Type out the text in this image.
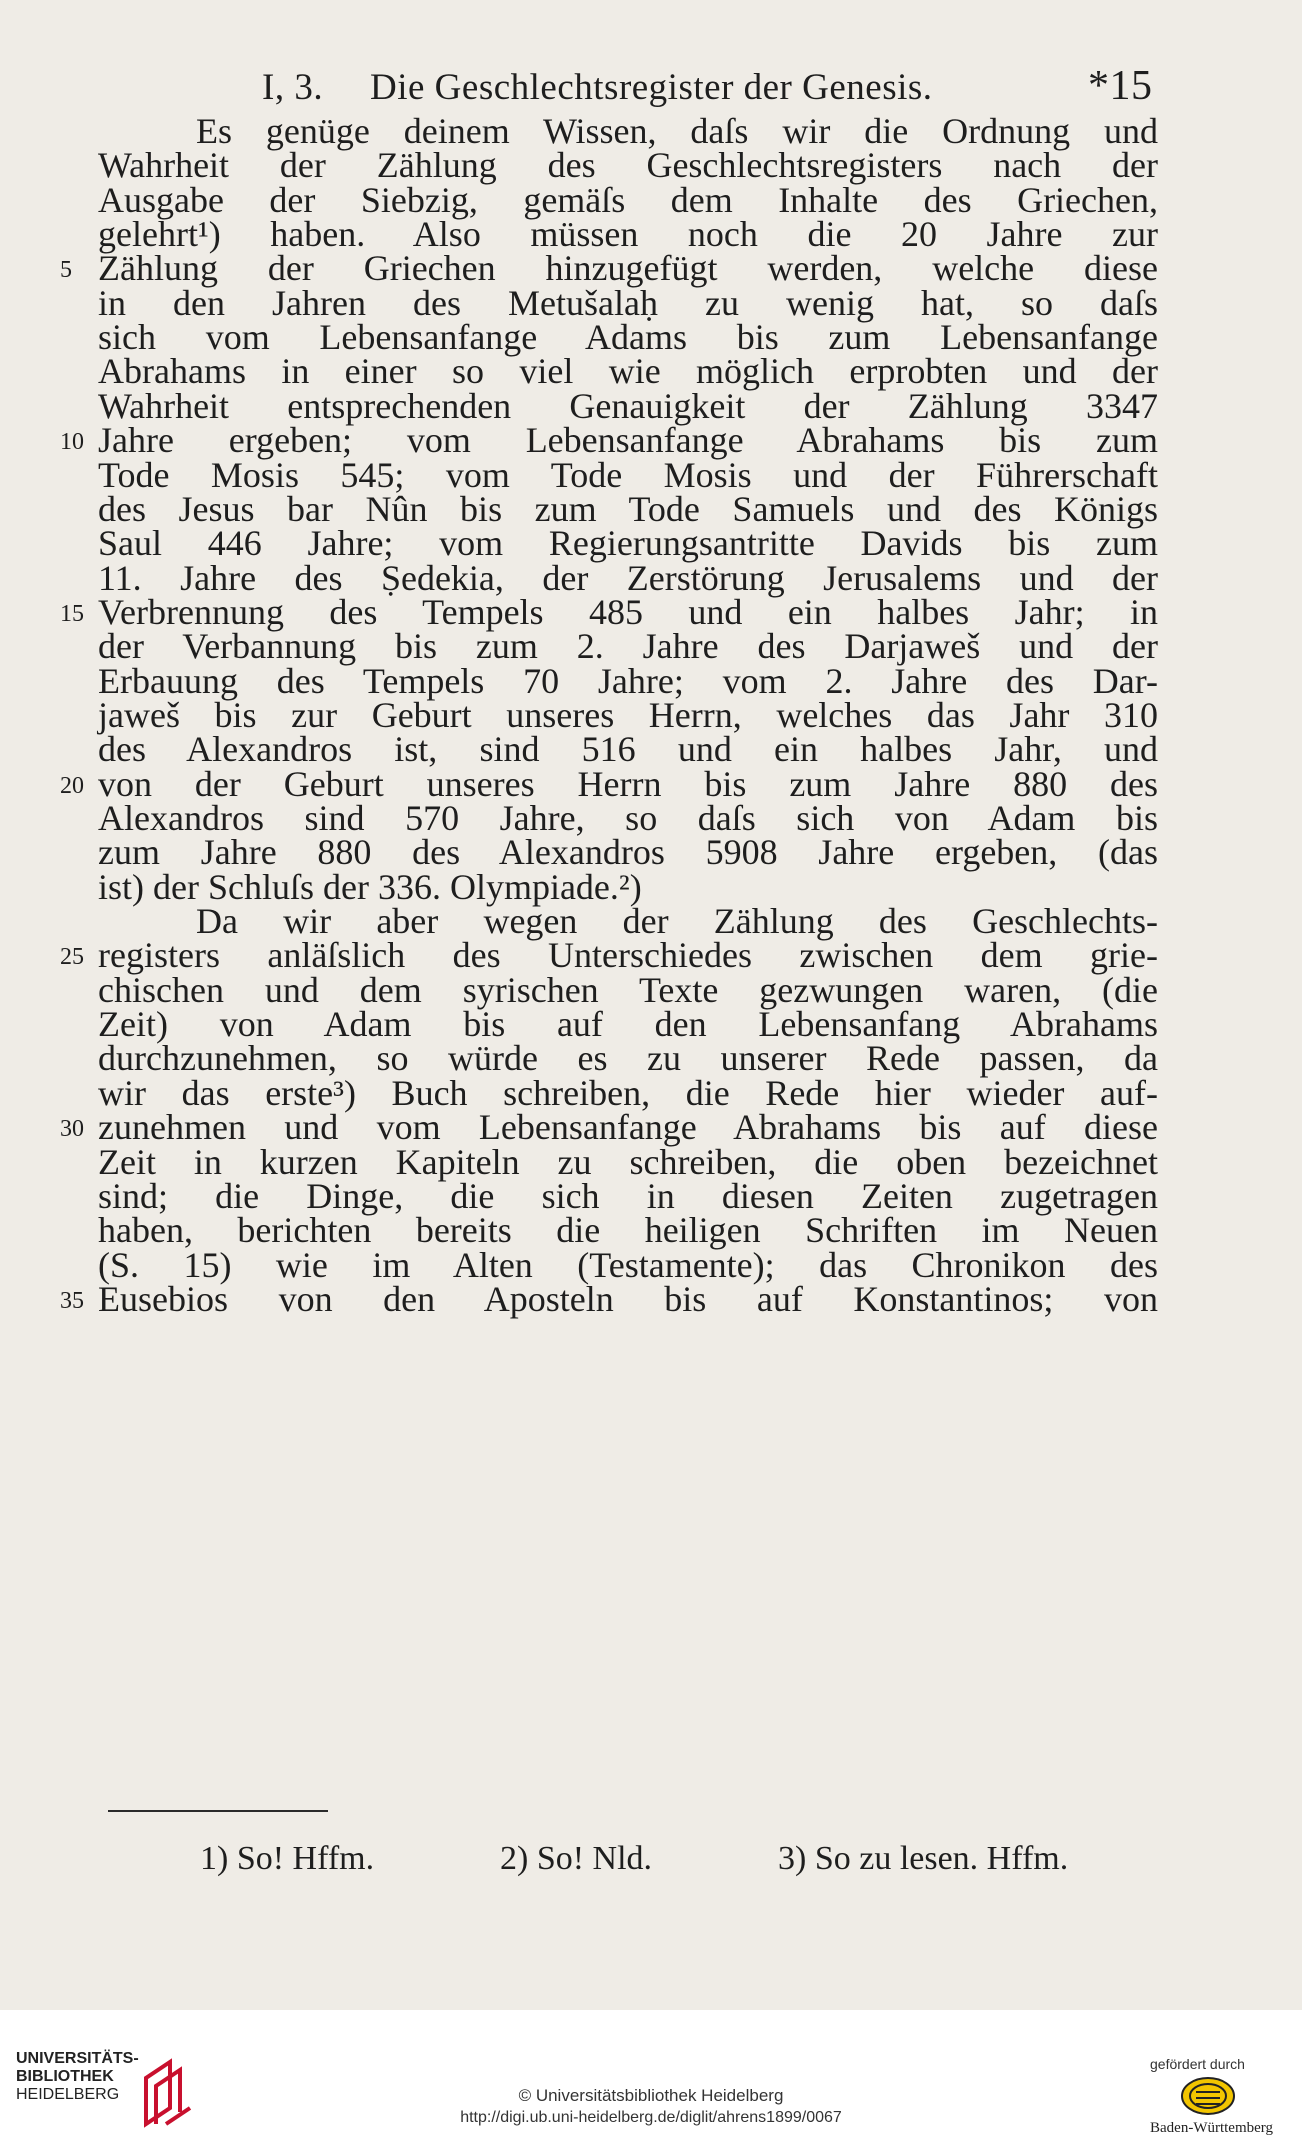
I, 3. Die Geschlechtsregister der Genesis.	*15
Es genüge deinem Wissen, daſs wir die Ordnung und
Wahrheit der Zählung des Geschlechtsregisters nach der
Ausgabe der Siebzig, gemäſs dem Inhalte des Griechen,
gelehrt¹) haben. Also müssen noch die 20 Jahre zur
Zählung der Griechen hinzugefügt werden, welche diese
5
in den Jahren des Metušalaḥ zu wenig hat, so daſs
sich vom Lebensanfange Adams bis zum Lebensanfange
Abrahams in einer so viel wie möglich erprobten und der
Wahrheit entsprechenden Genauigkeit der Zählung 3347
Jahre ergeben; vom Lebensanfange Abrahams bis zum
10
Tode Mosis 545; vom Tode Mosis und der Führerschaft
des Jesus bar Nûn bis zum Tode Samuels und des Königs
Saul 446 Jahre; vom Regierungsantritte Davids bis zum
11. Jahre des Ṣedekia, der Zerstörung Jerusalems und der
Verbrennung des Tempels 485 und ein halbes Jahr; in
15
der Verbannung bis zum 2. Jahre des Darjaweš und der
Erbauung des Tempels 70 Jahre; vom 2. Jahre des Dar-
jaweš bis zur Geburt unseres Herrn, welches das Jahr 310
des Alexandros ist, sind 516 und ein halbes Jahr, und
von der Geburt unseres Herrn bis zum Jahre 880 des
20
Alexandros sind 570 Jahre, so daſs sich von Adam bis
zum Jahre 880 des Alexandros 5908 Jahre ergeben, (das
ist) der Schluſs der 336. Olympiade.²)
Da wir aber wegen der Zählung des Geschlechts-
registers anläſslich des Unterschiedes zwischen dem grie-
25
chischen und dem syrischen Texte gezwungen waren, (die
Zeit) von Adam bis auf den Lebensanfang Abrahams
durchzunehmen, so würde es zu unserer Rede passen, da
wir das erste³) Buch schreiben, die Rede hier wieder auf-
zunehmen und vom Lebensanfange Abrahams bis auf diese
30
Zeit in kurzen Kapiteln zu schreiben, die oben bezeichnet
sind; die Dinge, die sich in diesen Zeiten zugetragen
haben, berichten bereits die heiligen Schriften im Neuen
(S. 15) wie im Alten (Testamente); das Chronikon des
Eusebios von den Aposteln bis auf Konstantinos; von
35
1) So! Hffm.	2) So! Nld.	3) So zu lesen. Hffm.
UNIVERSITÄTS-
BIBLIOTHEK
HEIDELBERG	© Universitätsbibliothek Heidelberg
http://digi.ub.uni-heidelberg.de/diglit/ahrens1899/0067
gefördert durch
Baden-Württemberg
